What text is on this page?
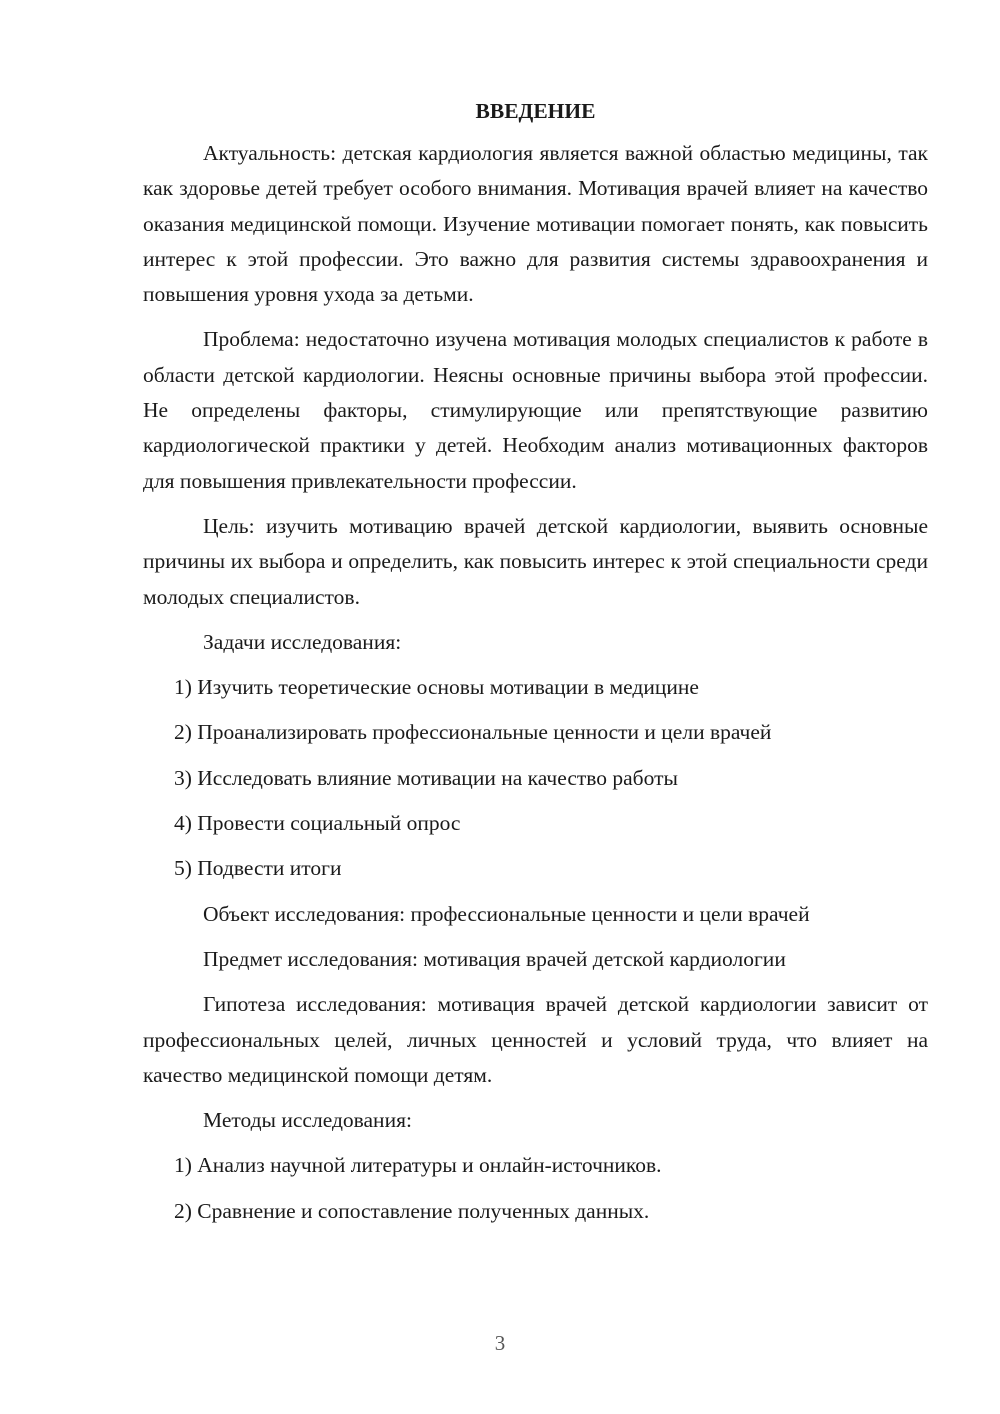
ВВЕДЕНИЕ

Актуальность: детская кардиология является важной областью медицины, так как здоровье детей требует особого внимания. Мотивация врачей влияет на качество оказания медицинской помощи. Изучение мотивации помогает понять, как повысить интерес к этой профессии. Это важно для развития системы здравоохранения и повышения уровня ухода за детьми.

Проблема: недостаточно изучена мотивация молодых специалистов к работе в области детской кардиологии. Неясны основные причины выбора этой профессии. Не определены факторы, стимулирующие или препятствующие развитию кардиологической практики у детей. Необходим анализ мотивационных факторов для повышения привлекательности профессии.

Цель: изучить мотивацию врачей детской кардиологии, выявить основные причины их выбора и определить, как повысить интерес к этой специальности среди молодых специалистов.

Задачи исследования:
1) Изучить теоретические основы мотивации в медицине
2) Проанализировать профессиональные ценности и цели врачей
3) Исследовать влияние мотивации на качество работы
4) Провести социальный опрос
5) Подвести итоги
Объект исследования: профессиональные ценности и цели врачей
Предмет исследования: мотивация врачей детской кардиологии

Гипотеза исследования: мотивация врачей детской кардиологии зависит от профессиональных целей, личных ценностей и условий труда, что влияет на качество медицинской помощи детям.

Методы исследования:
1) Анализ научной литературы и онлайн-источников.
2) Сравнение и сопоставление полученных данных.
3
